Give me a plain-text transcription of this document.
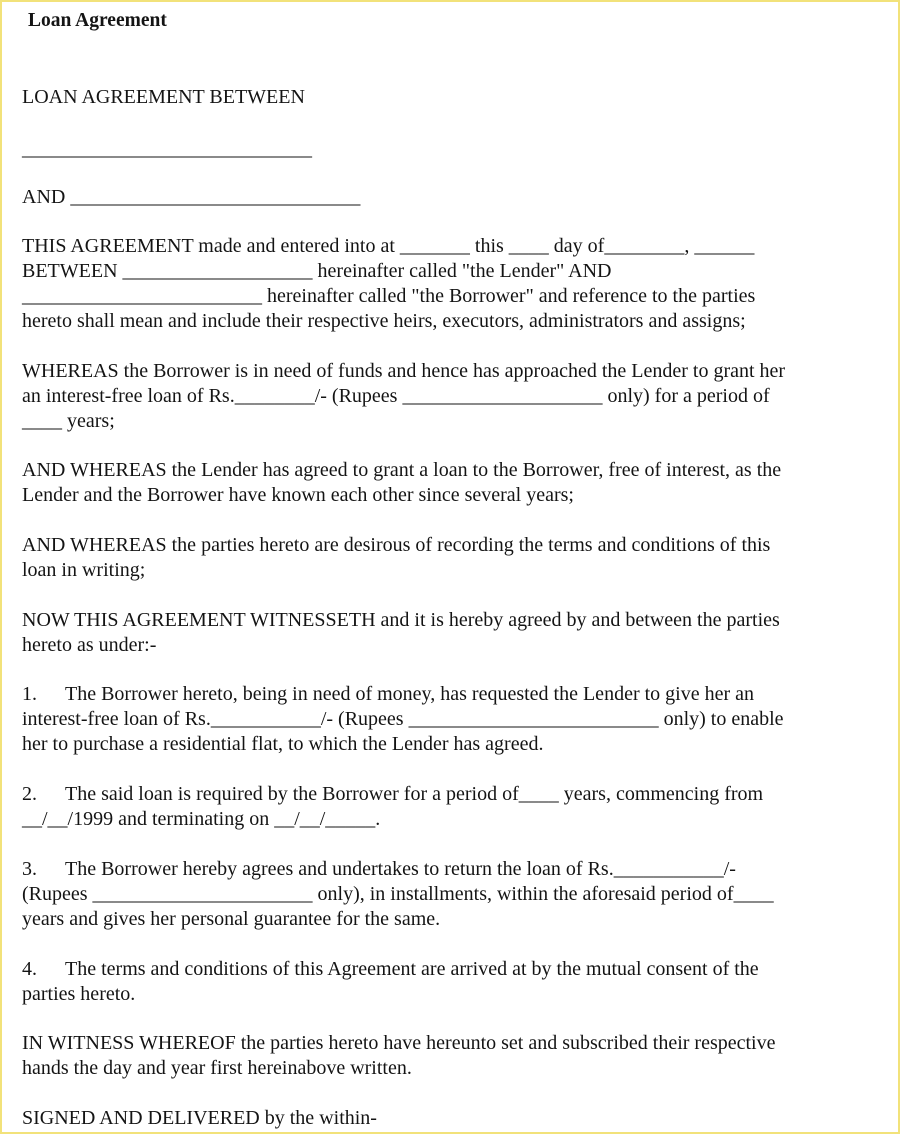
Loan Agreement

LOAN AGREEMENT BETWEEN

_____________________________

AND _____________________________

THIS AGREEMENT made and entered into at _______ this ____ day of________, ______
BETWEEN ___________________ hereinafter called "the Lender" AND
________________________ hereinafter called "the Borrower" and reference to the parties
hereto shall mean and include their respective heirs, executors, administrators and assigns;

WHEREAS the Borrower is in need of funds and hence has approached the Lender to grant her
an interest-free loan of Rs.________/- (Rupees ____________________ only) for a period of
____ years;

AND WHEREAS the Lender has agreed to grant a loan to the Borrower, free of interest, as the
Lender and the Borrower have known each other since several years;

AND WHEREAS the parties hereto are desirous of recording the terms and conditions of this
loan in writing;

NOW THIS AGREEMENT WITNESSETH and it is hereby agreed by and between the parties
hereto as under:-

1. The Borrower hereto, being in need of money, has requested the Lender to give her an
interest-free loan of Rs.___________/- (Rupees _________________________ only) to enable
her to purchase a residential flat, to which the Lender has agreed.

2. The said loan is required by the Borrower for a period of____ years, commencing from
__/__/1999 and terminating on __/__/_____.

3. The Borrower hereby agrees and undertakes to return the loan of Rs.___________/-
(Rupees ______________________ only), in installments, within the aforesaid period of____
years and gives her personal guarantee for the same.

4. The terms and conditions of this Agreement are arrived at by the mutual consent of the
parties hereto.

IN WITNESS WHEREOF the parties hereto have hereunto set and subscribed their respective
hands the day and year first hereinabove written.

SIGNED AND DELIVERED by the within-
